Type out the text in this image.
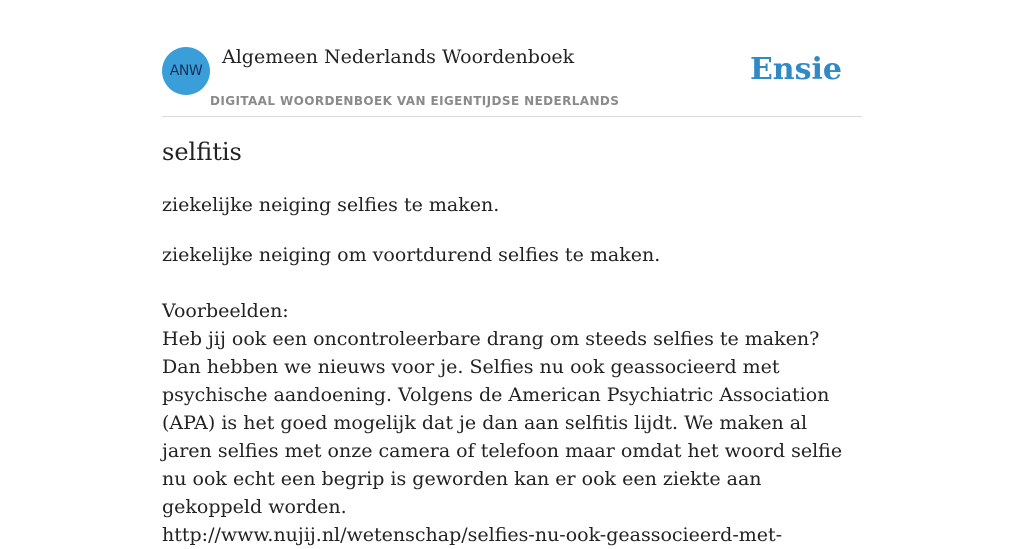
ANW
Algemeen Nederlands Woordenboek
DIGITAAL WOORDENBOEK VAN EIGENTIJDSE NEDERLANDS
Ensie
selfitis

ziekelijke neiging selfies te maken.

ziekelijke neiging om voortdurend selfies te maken.

Voorbeelden:

Heb jij ook een oncontroleerbare drang om steeds selfies te maken? Dan hebben we nieuws voor je. Selfies nu ook geassocieerd met psychische aandoening. Volgens de American Psychiatric Association (APA) is het goed mogelijk dat je dan aan selfitis lijdt. We maken al jaren selfies met onze camera of telefoon maar omdat het woord selfie nu ook echt een begrip is geworden kan er ook een ziekte aan gekoppeld worden.

http://www.nujij.nl/wetenschap/selfies-nu-ook-geassocieerd-met-
